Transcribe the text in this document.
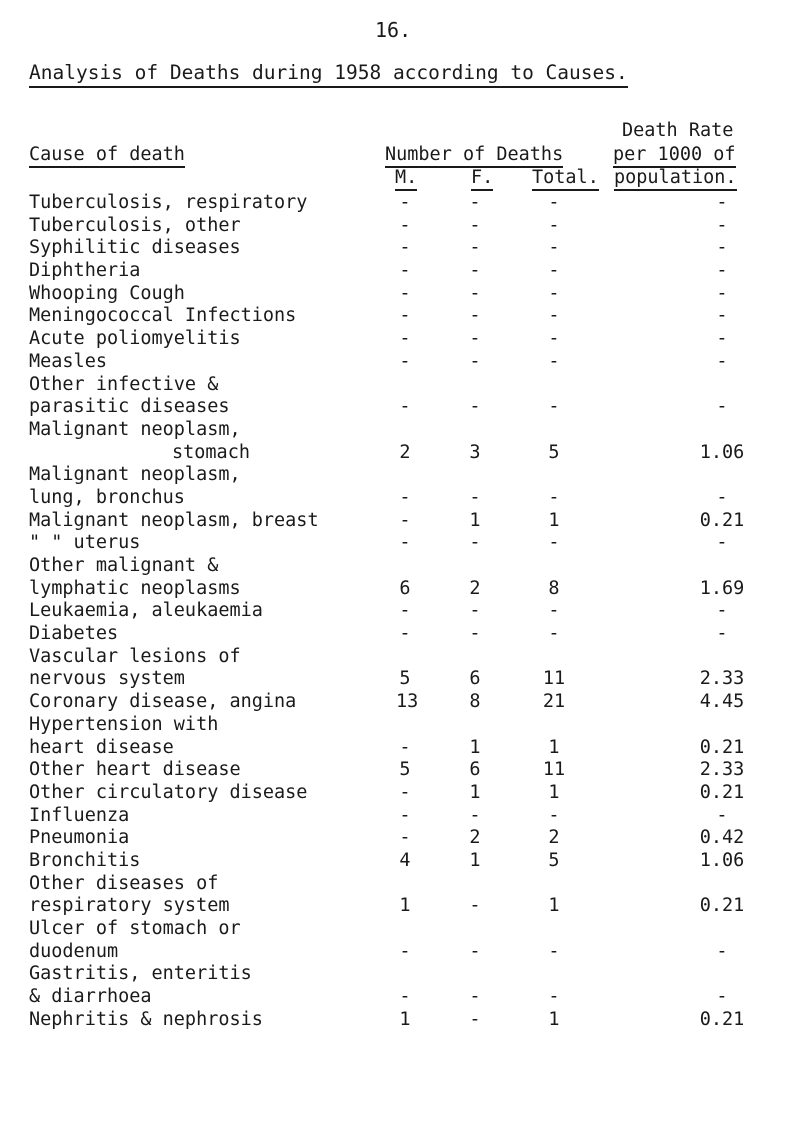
16.
Analysis of Deaths during 1958 according to Causes.
Cause of death	Number of Deaths
Death Rate
per 1000 of
M.	F. Total. population.
Tuberculosis, respiratory	-	-	-	-
Tuberculosis, other	-	-	-	-
Syphilitic diseases	-	-	-	-
Diphtheria	-	-	-	-
Whooping Cough	-	-	-	-
Meningococcal Infections	-	-	-	-
Acute poliomyelitis	-	-	-	-
Measles	-	-	-	-
Other infective &
parasitic diseases	-	-	-	-
Malignant neoplasm,
stomach	2	3	5	1.06
Malignant neoplasm,
lung, bronchus	-	-	-	-
Malignant neoplasm, breast	-	1	1	0.21
" " uterus	-	-	-	-
Other malignant &
lymphatic neoplasms	6	2	8	1.69
Leukaemia, aleukaemia	-	-	-	-
Diabetes	-	-	-	-
Vascular lesions of
nervous system	5	6	11	2.33
Coronary disease, angina	13	8	21	4.45
Hypertension with
heart disease	-	1	1	0.21
Other heart disease	5	6	11	2.33
Other circulatory disease	-	1	1	0.21
Influenza	-	-	-	-
Pneumonia	-	2	2	0.42
Bronchitis	4	1	5	1.06
Other diseases of
respiratory system	1	-	1	0.21
Ulcer of stomach or
duodenum	-	-	-	-
Gastritis, enteritis
& diarrhoea	-	-	-	-
Nephritis & nephrosis	1	-	1	0.21
